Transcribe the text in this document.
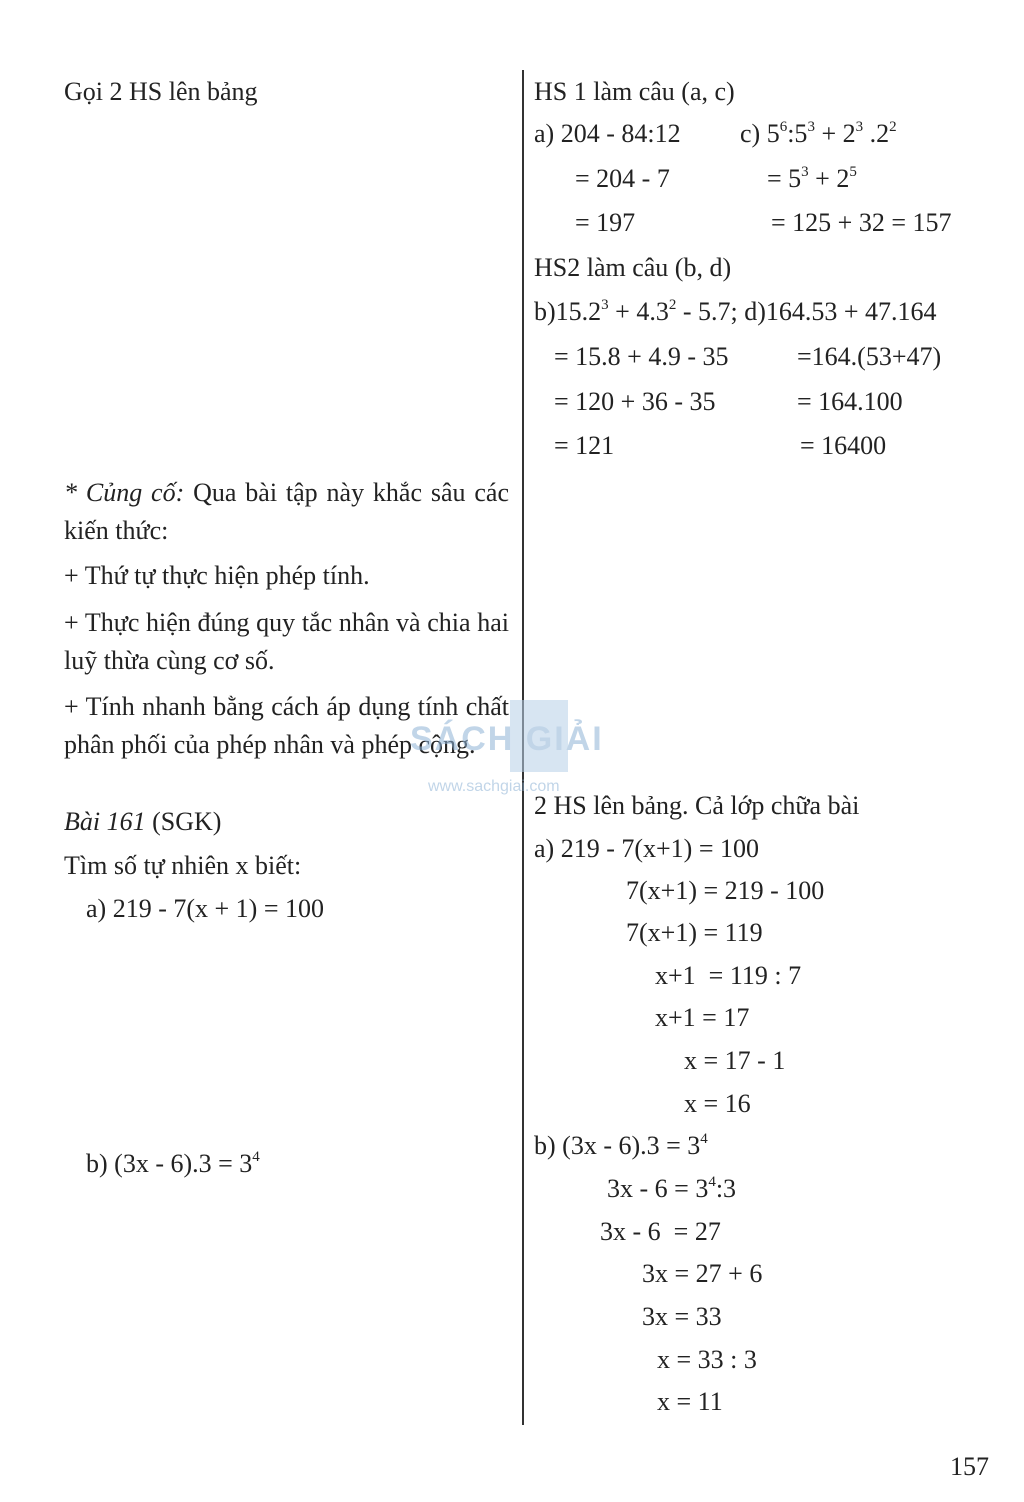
Gọi 2 HS lên bảng
* Củng cố: Qua bài tập này khắc sâu các kiến thức:
+ Thứ tự thực hiện phép tính.
+ Thực hiện đúng quy tắc nhân và chia hai luỹ thừa cùng cơ số.
+ Tính nhanh bằng cách áp dụng tính chất phân phối của phép nhân và phép cộng.
Bài 161 (SGK)
Tìm số tự nhiên x biết:
a) 219 - 7(x + 1) = 100
b) $(3x - 6).3 = 3^4$
HS 1 làm câu (a, c)
a) 204 - 84:12
= 204 - 7
= 197
c) $5^6:5^3 + 2^3$ $.2^2$
= $5^3 + 2^5$
= 125 + 32 = 157
HS2 làm câu (b, d)
$b)15.2^3 + 4.3^2 - 5.7$; d)164.53 + 47.164
= 15.8 + 4.9 - 35
= 120 + 36 - 35
= 121
=164.(53+47)
= 164.100
= 16400
2 HS lên bảng. Cả lớp chữa bài
a) 219 - 7(x+1) = 100
7(x+1) = 219 - 100
7(x+1) = 119
x+1  = 119 : 7
x+1 = 17
x = 17 - 1
x = 16
b) $(3x - 6).3 = 3^4$
$3x - 6 = 3^4:3$
3x - 6  = 27
3x = 27 + 6
3x = 33
x = 33 : 3
x = 11
SÁCH GIẢI
www.sachgiai.com
157
